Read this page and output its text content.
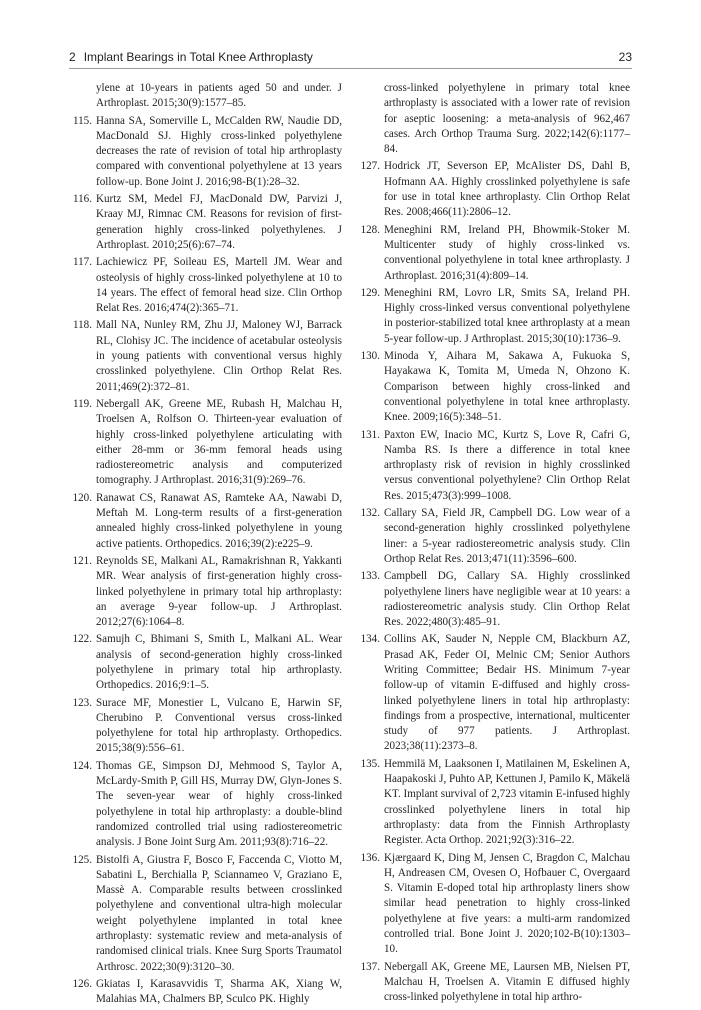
2 Implant Bearings in Total Knee Arthroplasty	23
ylene at 10-years in patients aged 50 and under. J Arthroplast. 2015;30(9):1577–85.
115. Hanna SA, Somerville L, McCalden RW, Naudie DD, MacDonald SJ. Highly cross-linked polyethylene decreases the rate of revision of total hip arthroplasty compared with conventional polyethylene at 13 years follow-up. Bone Joint J. 2016;98-B(1):28–32.
116. Kurtz SM, Medel FJ, MacDonald DW, Parvizi J, Kraay MJ, Rimnac CM. Reasons for revision of first-generation highly cross-linked polyethylenes. J Arthroplast. 2010;25(6):67–74.
117. Lachiewicz PF, Soileau ES, Martell JM. Wear and osteolysis of highly cross-linked polyethylene at 10 to 14 years. The effect of femoral head size. Clin Orthop Relat Res. 2016;474(2):365–71.
118. Mall NA, Nunley RM, Zhu JJ, Maloney WJ, Barrack RL, Clohisy JC. The incidence of acetabular osteolysis in young patients with conventional versus highly crosslinked polyethylene. Clin Orthop Relat Res. 2011;469(2):372–81.
119. Nebergall AK, Greene ME, Rubash H, Malchau H, Troelsen A, Rolfson O. Thirteen-year evaluation of highly cross-linked polyethylene articulating with either 28-mm or 36-mm femoral heads using radiostereometric analysis and computerized tomography. J Arthroplast. 2016;31(9):269–76.
120. Ranawat CS, Ranawat AS, Ramteke AA, Nawabi D, Meftah M. Long-term results of a first-generation annealed highly cross-linked polyethylene in young active patients. Orthopedics. 2016;39(2):e225–9.
121. Reynolds SE, Malkani AL, Ramakrishnan R, Yakkanti MR. Wear analysis of first-generation highly cross-linked polyethylene in primary total hip arthroplasty: an average 9-year follow-up. J Arthroplast. 2012;27(6):1064–8.
122. Samujh C, Bhimani S, Smith L, Malkani AL. Wear analysis of second-generation highly cross-linked polyethylene in primary total hip arthroplasty. Orthopedics. 2016;9:1–5.
123. Surace MF, Monestier L, Vulcano E, Harwin SF, Cherubino P. Conventional versus cross-linked polyethylene for total hip arthroplasty. Orthopedics. 2015;38(9):556–61.
124. Thomas GE, Simpson DJ, Mehmood S, Taylor A, McLardy-Smith P, Gill HS, Murray DW, Glyn-Jones S. The seven-year wear of highly cross-linked polyethylene in total hip arthroplasty: a double-blind randomized controlled trial using radiostereometric analysis. J Bone Joint Surg Am. 2011;93(8):716–22.
125. Bistolfi A, Giustra F, Bosco F, Faccenda C, Viotto M, Sabatini L, Berchialla P, Sciannameo V, Graziano E, Massè A. Comparable results between crosslinked polyethylene and conventional ultra-high molecular weight polyethylene implanted in total knee arthroplasty: systematic review and meta-analysis of randomised clinical trials. Knee Surg Sports Traumatol Arthrosc. 2022;30(9):3120–30.
126. Gkiatas I, Karasavvidis T, Sharma AK, Xiang W, Malahias MA, Chalmers BP, Sculco PK. Highly
cross-linked polyethylene in primary total knee arthroplasty is associated with a lower rate of revision for aseptic loosening: a meta-analysis of 962,467 cases. Arch Orthop Trauma Surg. 2022;142(6):1177–84.
127. Hodrick JT, Severson EP, McAlister DS, Dahl B, Hofmann AA. Highly crosslinked polyethylene is safe for use in total knee arthroplasty. Clin Orthop Relat Res. 2008;466(11):2806–12.
128. Meneghini RM, Ireland PH, Bhowmik-Stoker M. Multicenter study of highly cross-linked vs. conventional polyethylene in total knee arthroplasty. J Arthroplast. 2016;31(4):809–14.
129. Meneghini RM, Lovro LR, Smits SA, Ireland PH. Highly cross-linked versus conventional polyethylene in posterior-stabilized total knee arthroplasty at a mean 5-year follow-up. J Arthroplast. 2015;30(10):1736–9.
130. Minoda Y, Aihara M, Sakawa A, Fukuoka S, Hayakawa K, Tomita M, Umeda N, Ohzono K. Comparison between highly cross-linked and conventional polyethylene in total knee arthroplasty. Knee. 2009;16(5):348–51.
131. Paxton EW, Inacio MC, Kurtz S, Love R, Cafri G, Namba RS. Is there a difference in total knee arthroplasty risk of revision in highly crosslinked versus conventional polyethylene? Clin Orthop Relat Res. 2015;473(3):999–1008.
132. Callary SA, Field JR, Campbell DG. Low wear of a second-generation highly crosslinked polyethylene liner: a 5-year radiostereometric analysis study. Clin Orthop Relat Res. 2013;471(11):3596–600.
133. Campbell DG, Callary SA. Highly crosslinked polyethylene liners have negligible wear at 10 years: a radiostereometric analysis study. Clin Orthop Relat Res. 2022;480(3):485–91.
134. Collins AK, Sauder N, Nepple CM, Blackburn AZ, Prasad AK, Feder OI, Melnic CM; Senior Authors Writing Committee; Bedair HS. Minimum 7-year follow-up of vitamin E-diffused and highly cross-linked polyethylene liners in total hip arthroplasty: findings from a prospective, international, multicenter study of 977 patients. J Arthroplast. 2023;38(11):2373–8.
135. Hemmilä M, Laaksonen I, Matilainen M, Eskelinen A, Haapakoski J, Puhto AP, Kettunen J, Pamilo K, Mäkelä KT. Implant survival of 2,723 vitamin E-infused highly crosslinked polyethylene liners in total hip arthroplasty: data from the Finnish Arthroplasty Register. Acta Orthop. 2021;92(3):316–22.
136. Kjærgaard K, Ding M, Jensen C, Bragdon C, Malchau H, Andreasen CM, Ovesen O, Hofbauer C, Overgaard S. Vitamin E-doped total hip arthroplasty liners show similar head penetration to highly cross-linked polyethylene at five years: a multi-arm randomized controlled trial. Bone Joint J. 2020;102-B(10):1303–10.
137. Nebergall AK, Greene ME, Laursen MB, Nielsen PT, Malchau H, Troelsen A. Vitamin E diffused highly cross-linked polyethylene in total hip arthro-
